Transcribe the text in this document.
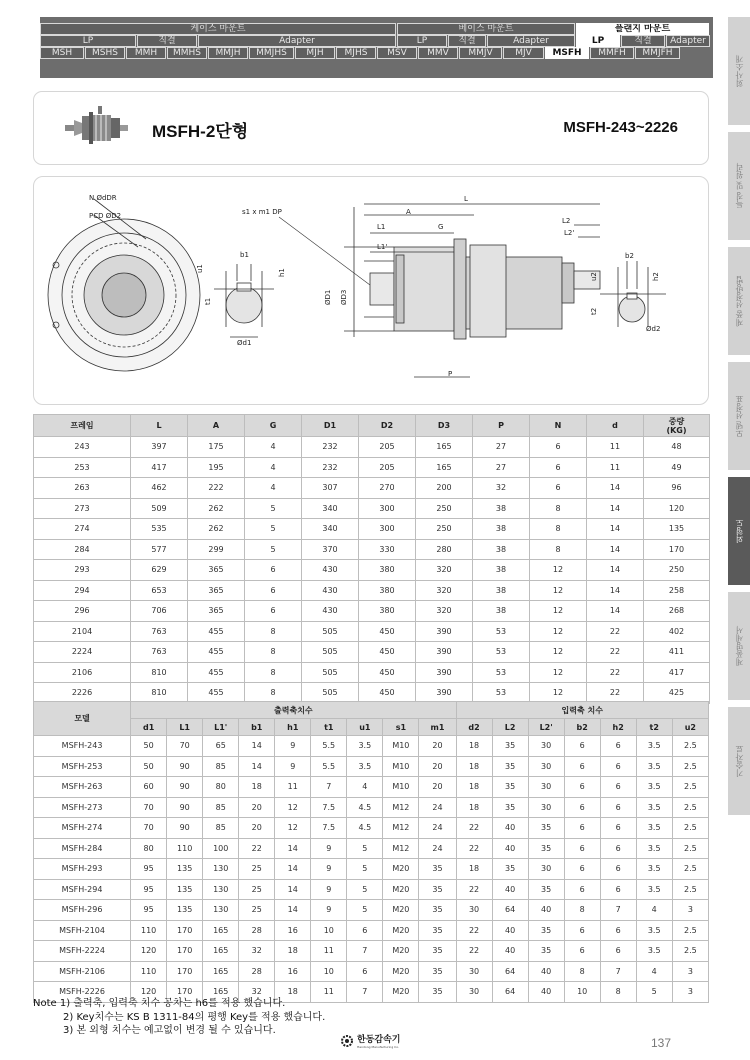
케이스 마운트	베이스 마운트	플랜지 마운트
LP	직결	Adapter	LP	직결	Adapter	LP	직결	Adapter
MSH	MSHS	MMH	MMHS	MMJH	MMJHS	MJH	MJHS	MSV	MMV	MMJV	MJV	MSFH	MMFH	MMJFH
회사소개
특징 및 원리
제품 선정방법
모델 선정표
외형도
제품명세서
기술자료
MSFH-2단형	MSFH-243~2226
N ØdDR
PCD ØD2
b1
u1	h1
t1
Ød1
s1 x m1 DP
L
A
L1	G
L1'
L2
L2'
ØD1 ØD3
P
b2
u2	h2
t2
Ød2
프레임	L	A	G	D1	D2	D3	P	N	d	중량
(KG)
243	397	175	4	232	205	165	27	6	11	48
253	417	195	4	232	205	165	27	6	11	49
263	462	222	4	307	270	200	32	6	14	96
273	509	262	5	340	300	250	38	8	14	120
274	535	262	5	340	300	250	38	8	14	135
284	577	299	5	370	330	280	38	8	14	170
293	629	365	6	430	380	320	38	12	14	250
294	653	365	6	430	380	320	38	12	14	258
296	706	365	6	430	380	320	38	12	14	268
2104	763	455	8	505	450	390	53	12	22	402
2224	763	455	8	505	450	390	53	12	22	411
2106	810	455	8	505	450	390	53	12	22	417
2226	810	455	8	505	450	390	53	12	22	425
모델	출력축치수									입력축 치수						
	d1	L1	L1'	b1	h1	t1	u1	s1	m1	d2	L2	L2'	b2	h2	t2	u2
MSFH-243	50	70	65	14	9	5.5	3.5	M10	20	18	35	30	6	6	3.5	2.5
MSFH-253	50	90	85	14	9	5.5	3.5	M10	20	18	35	30	6	6	3.5	2.5
MSFH-263	60	90	80	18	11	7	4	M10	20	18	35	30	6	6	3.5	2.5
MSFH-273	70	90	85	20	12	7.5	4.5	M12	24	18	35	30	6	6	3.5	2.5
MSFH-274	70	90	85	20	12	7.5	4.5	M12	24	22	40	35	6	6	3.5	2.5
MSFH-284	80	110	100	22	14	9	5	M12	24	22	40	35	6	6	3.5	2.5
MSFH-293	95	135	130	25	14	9	5	M20	35	18	35	30	6	6	3.5	2.5
MSFH-294	95	135	130	25	14	9	5	M20	35	22	40	35	6	6	3.5	2.5
MSFH-296	95	135	130	25	14	9	5	M20	35	30	64	40	8	7	4	3
MSFH-2104	110	170	165	28	16	10	6	M20	35	22	40	35	6	6	3.5	2.5
MSFH-2224	120	170	165	32	18	11	7	M20	35	22	40	35	6	6	3.5	2.5
MSFH-2106	110	170	165	28	16	10	6	M20	35	30	64	40	8	7	4	3
MSFH-2226	120	170	165	32	18	11	7	M20	35	30	64	40	10	8	5	3
Note 1) 출력축, 입력축 치수 공차는 h6를 적용 했습니다.
2) Key치수는 KS B 1311-84의 평행 Key를 적용 했습니다.
3) 본 외형 치수는 예고없이 변경 될 수 있습니다.
한동감속기
Handong Manufacturing Co.	137
